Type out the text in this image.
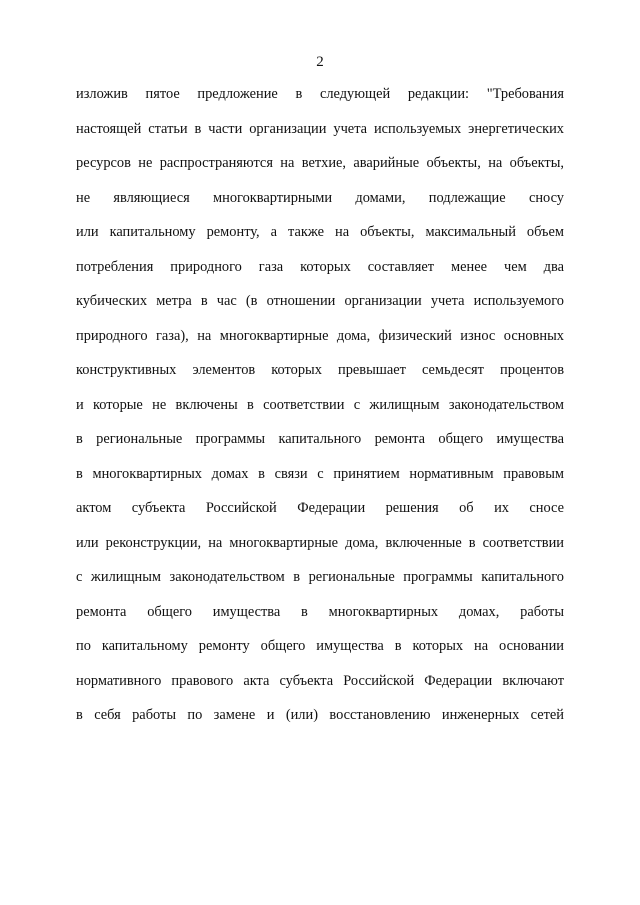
2
изложив пятое предложение в следующей редакции: "Требования
настоящей статьи в части организации учета используемых энергетических
ресурсов не распространяются на ветхие, аварийные объекты, на объекты,
не являющиеся многоквартирными домами, подлежащие сносу
или капитальному ремонту, а также на объекты, максимальный объем
потребления природного газа которых составляет менее чем два
кубических метра в час (в отношении организации учета используемого
природного газа), на многоквартирные дома, физический износ основных
конструктивных элементов которых превышает семьдесят процентов
и которые не включены в соответствии с жилищным законодательством
в региональные программы капитального ремонта общего имущества
в многоквартирных домах в связи с принятием нормативным правовым
актом субъекта Российской Федерации решения об их сносе
или реконструкции, на многоквартирные дома, включенные в соответствии
с жилищным законодательством в региональные программы капитального
ремонта общего имущества в многоквартирных домах, работы
по капитальному ремонту общего имущества в которых на основании
нормативного правового акта субъекта Российской Федерации включают
в себя работы по замене и (или) восстановлению инженерных сетей
